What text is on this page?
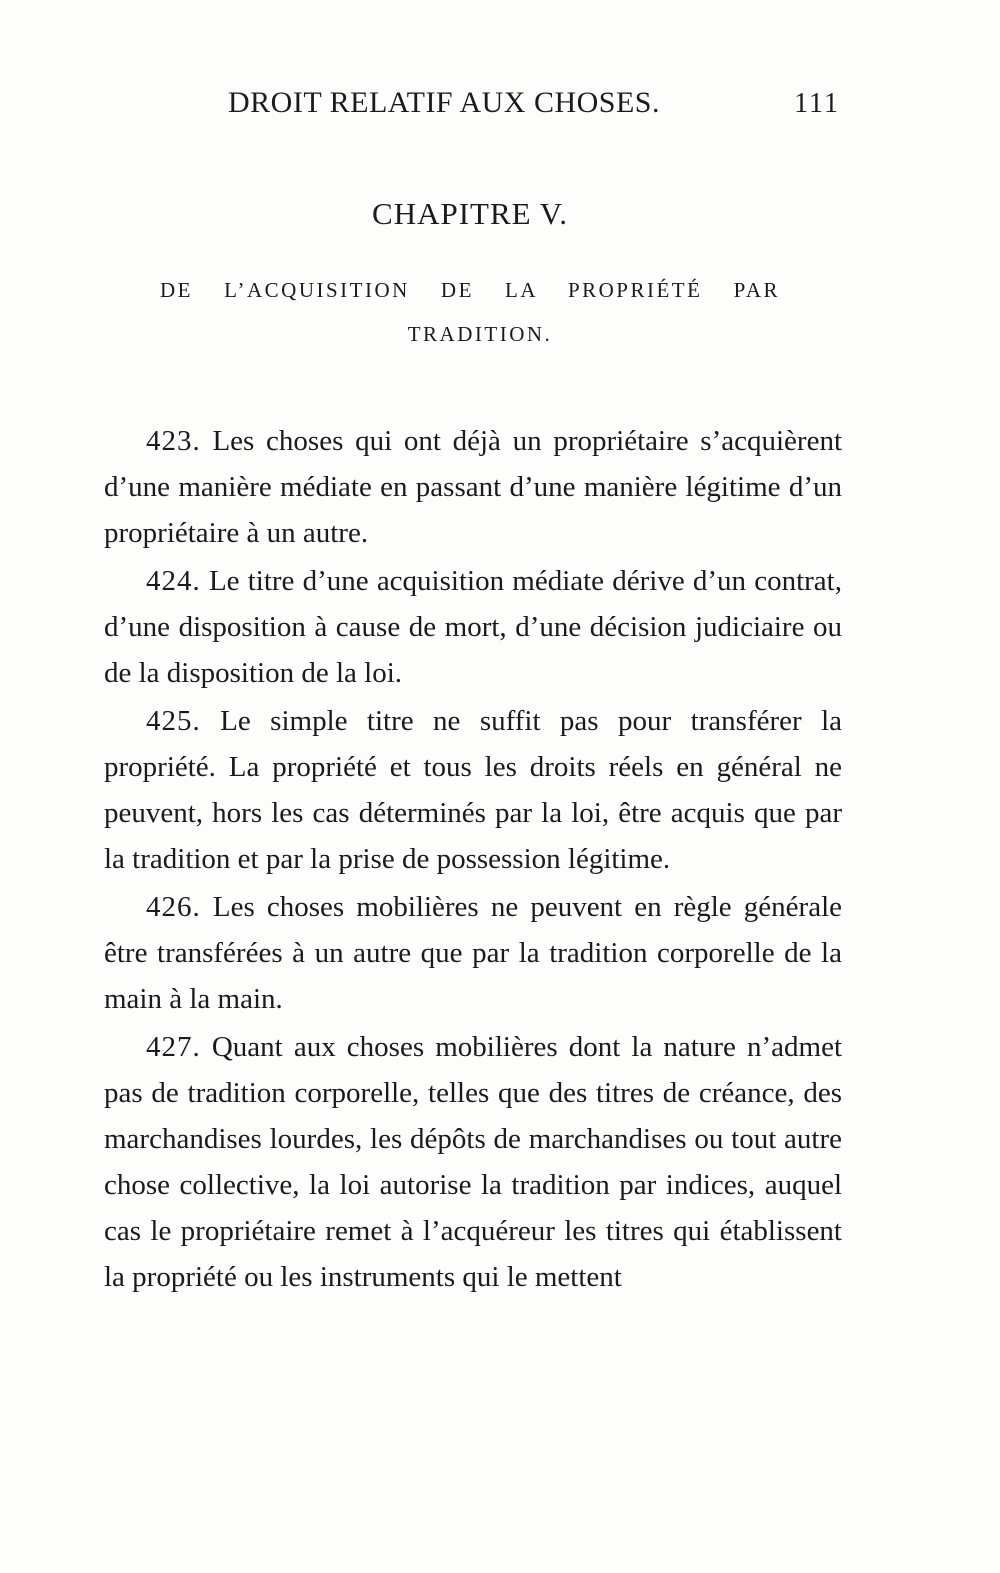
DROIT RELATIF AUX CHOSES.	111
CHAPITRE V.
DE L’ACQUISITION DE LA PROPRIÉTÉ PAR
TRADITION.

423. Les choses qui ont déjà un propriétaire s’acquièrent d’une manière médiate en passant d’une manière légitime d’un propriétaire à un autre.

424. Le titre d’une acquisition médiate dérive d’un contrat, d’une disposition à cause de mort, d’une décision judiciaire ou de la disposition de la loi.

425. Le simple titre ne suffit pas pour transférer la propriété. La propriété et tous les droits réels en général ne peuvent, hors les cas déterminés par la loi, être acquis que par la tradition et par la prise de possession légitime.

426. Les choses mobilières ne peuvent en règle générale être transférées à un autre que par la tradition corporelle de la main à la main.

427. Quant aux choses mobilières dont la nature n’admet pas de tradition corporelle, telles que des titres de créance, des marchandises lourdes, les dépôts de marchandises ou tout autre chose collective, la loi autorise la tradition par indices, auquel cas le propriétaire remet à l’acquéreur les titres qui établissent la propriété ou les instruments qui le mettent
